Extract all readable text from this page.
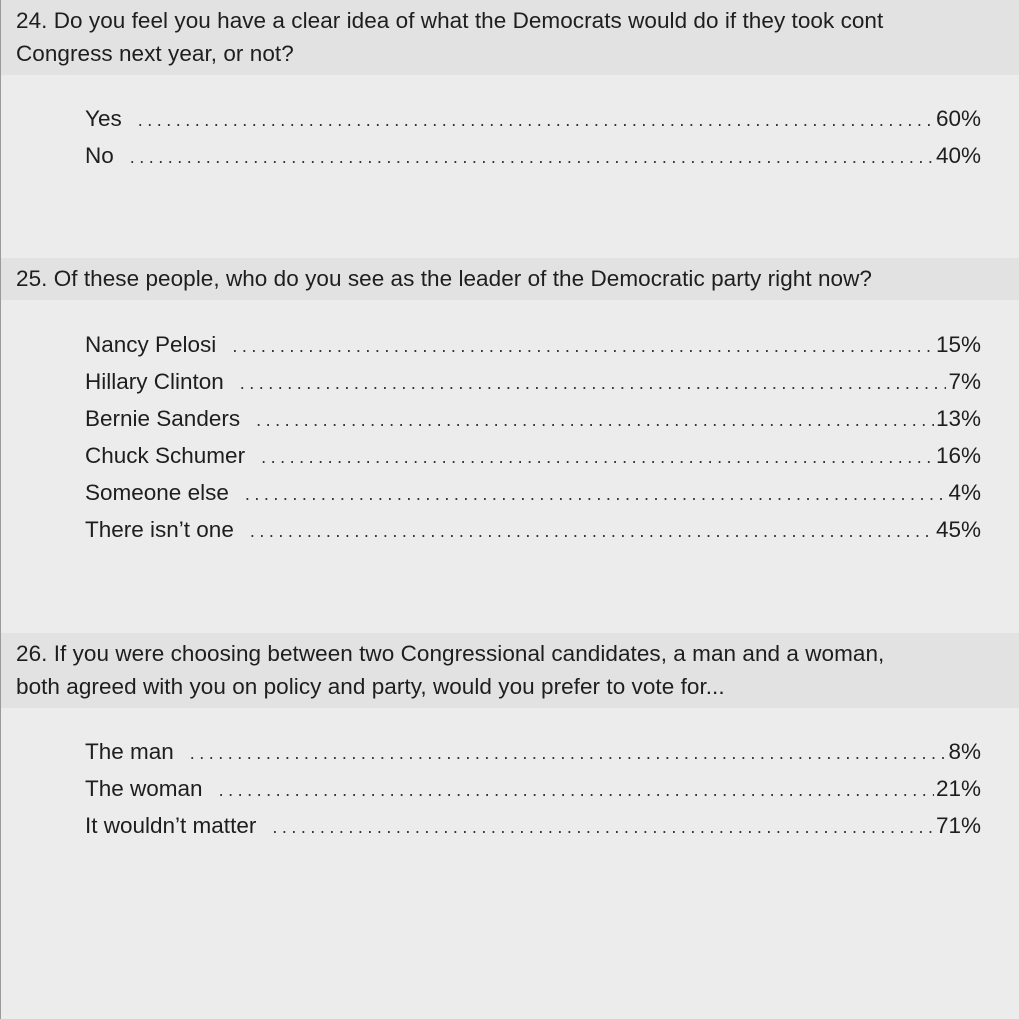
24. Do you feel you have a clear idea of what the Democrats would do if they took cont
Congress next year, or not?
Yes . . .	60%
No . . .	40%
25. Of these people, who do you see as the leader of the Democratic party right now?
Nancy Pelosi . . .	15%
Hillary Clinton . . .	7%
Bernie Sanders . . .	13%
Chuck Schumer . . .	16%
Someone else . . .	4%
There isn’t one . . .	45%
26. If you were choosing between two Congressional candidates, a man and a woman,
both agreed with you on policy and party, would you prefer to vote for...
The man . . .	8%
The woman . . .	21%
It wouldn’t matter . . .	71%
